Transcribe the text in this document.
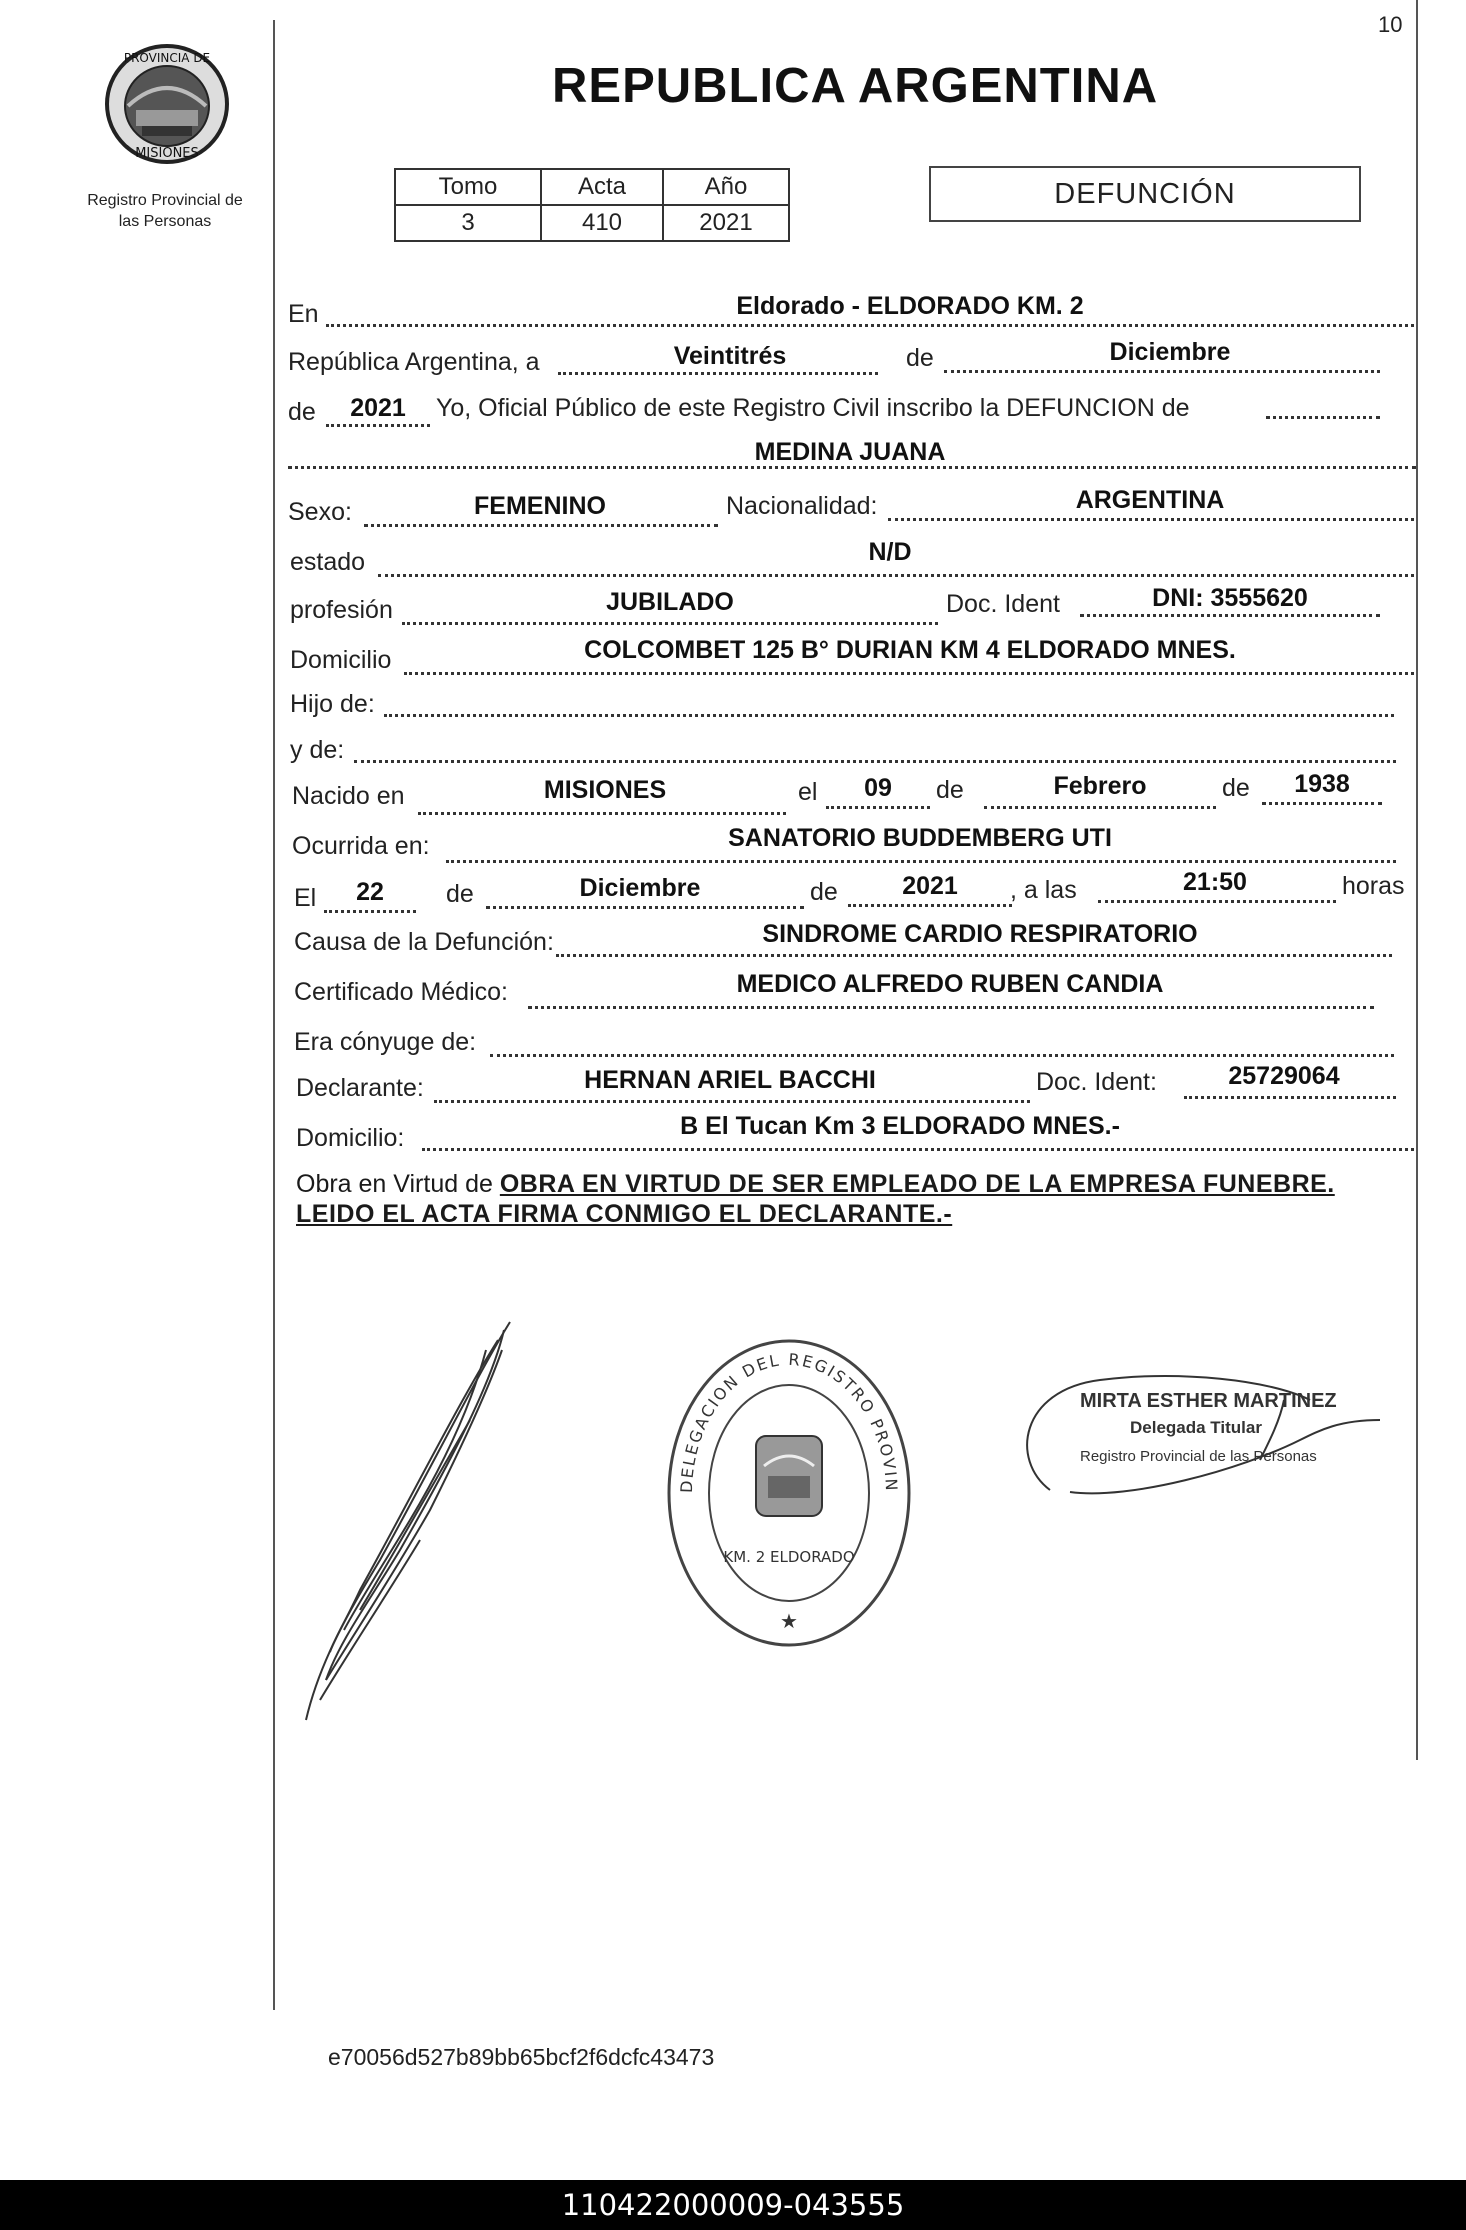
10
PROVINCIA DE
MISIONES
Registro Provincial de
las Personas
REPUBLICA ARGENTINA
Tomo	Acta	Año
3	410	2021
DEFUNCIÓN
En	Eldorado - ELDORADO KM. 2
República Argentina, a	Veintitrés	de	Diciembre
de	2021	Yo, Oficial Público de este Registro Civil inscribo la DEFUNCION de
MEDINA JUANA
Sexo:	FEMENINO	Nacionalidad:	ARGENTINA
estado	N/D
profesión	JUBILADO	Doc. Ident	DNI: 3555620
Domicilio	COLCOMBET 125 B° DURIAN KM 4 ELDORADO MNES.
Hijo de:
y de:
Nacido en	MISIONES	el	09	de	Febrero	de	1938
Ocurrida en:	SANATORIO BUDDEMBERG UTI
El	22	de	Diciembre	de	2021	, a las	21:50	horas
Causa de la Defunción:	SINDROME CARDIO RESPIRATORIO
Certificado Médico:	MEDICO ALFREDO RUBEN CANDIA
Era cónyuge de:
Declarante:	HERNAN ARIEL BACCHI	Doc. Ident:	25729064
Domicilio:	B El Tucan Km 3 ELDORADO MNES.-
Obra en Virtud de OBRA EN VIRTUD DE SER EMPLEADO DE LA EMPRESA FUNEBRE.
LEIDO EL ACTA FIRMA CONMIGO EL DECLARANTE.-
DELEGACION DEL REGISTRO PROVIN
KM. 2 ELDORADO
★
MIRTA ESTHER MARTINEZ
Delegada Titular
Registro Provincial de las Personas
e70056d527b89bb65bcf2f6dcfc43473
110422000009-043555
